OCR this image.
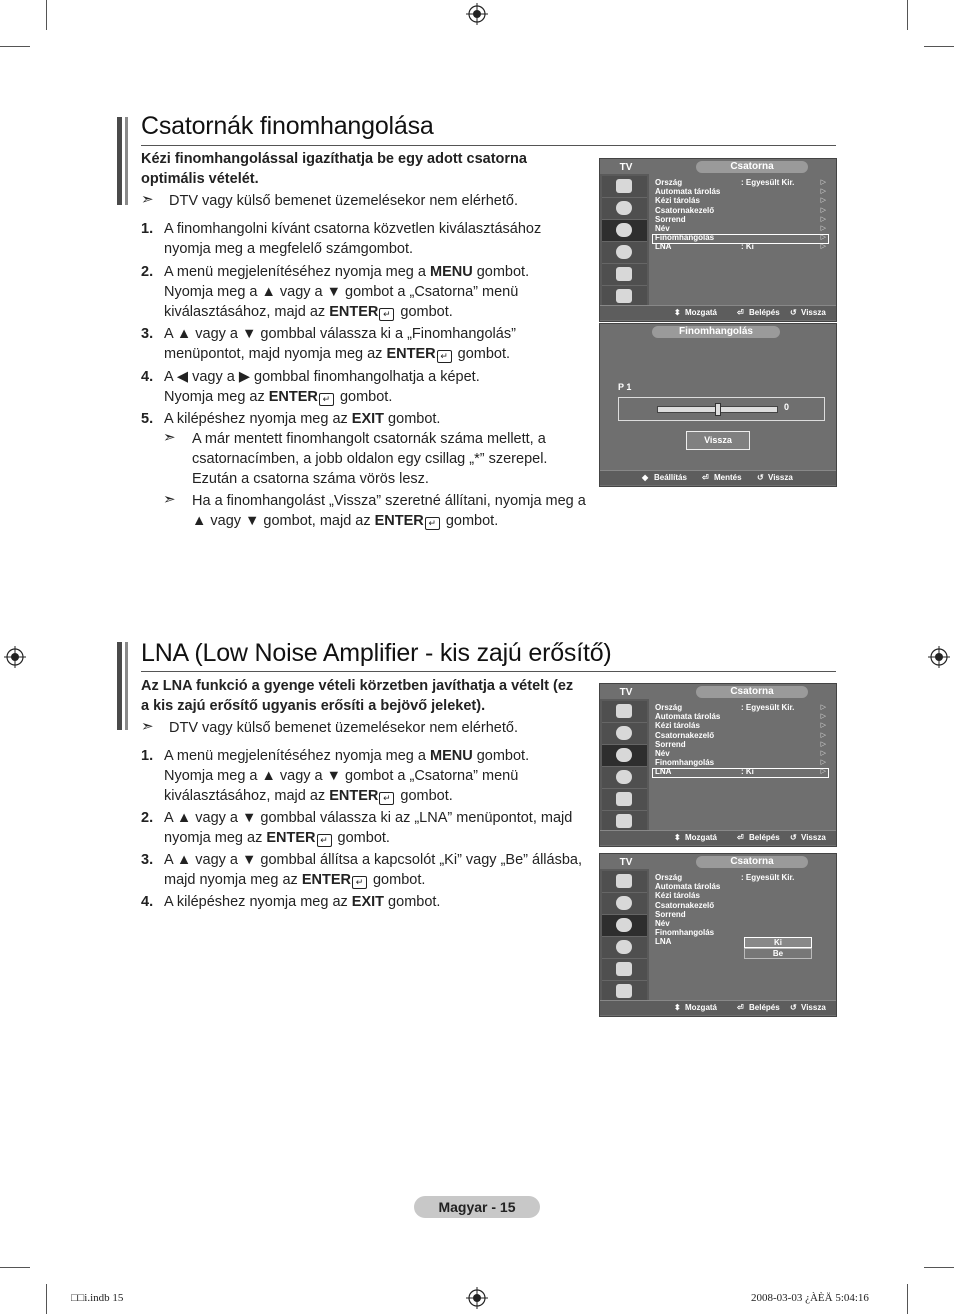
Csatornák finomhangolása
Kézi finomhangolással igazíthatja be egy adott csatorna
optimális vételét.
➣ DTV vagy külső bemenet üzemelésekor nem elérhető.
1. A finomhangolni kívánt csatorna közvetlen kiválasztásához
nyomja meg a megfelelő számgombot.
2. A menü megjelenítéséhez nyomja meg a MENU gombot.
Nyomja meg a ▲ vagy a ▼ gombot a „Csatorna” menü
kiválasztásához, majd az ENTER ↵ gombot.
3. A ▲ vagy a ▼ gombbal válassza ki a „Finomhangolás”
menüpontot, majd nyomja meg az ENTER ↵ gombot.
4. A ◀ vagy a ▶ gombbal finomhangolhatja a képet.
Nyomja meg az ENTER ↵ gombot.
5. A kilépéshez nyomja meg az EXIT gombot.
➣ A már mentett finomhangolt csatornák száma mellett, a
csatornacímben, a jobb oldalon egy csillag „*” szerepel.
Ezután a csatorna száma vörös lesz.
➣ Ha a finomhangolást „Vissza” szeretné állítani, nyomja meg a
▲ vagy ▼ gombot, majd az ENTER ↵ gombot.
TV	Csatorna
⬍ Mozgatá	⏎ Belépés ↺ Vissza
Ország	: Egyesült Kir.	▷
Automata tárolás	▷
Kézi tárolás	▷
Csatornakezelő	▷
Sorrend	▷
Név	▷
Finomhangolás	▷
LNA	: Ki	▷
Finomhangolás
P 1
0
Vissza
◆ Beállítás ⏎ Mentés ↺ Vissza
LNA (Low Noise Amplifier - kis zajú erősítő)
Az LNA funkció a gyenge vételi körzetben javíthatja a vételt (ez
a kis zajú erősítő ugyanis erősíti a bejövő jeleket).
➣ DTV vagy külső bemenet üzemelésekor nem elérhető.
1. A menü megjelenítéséhez nyomja meg a MENU gombot.
Nyomja meg a ▲ vagy a ▼ gombot a „Csatorna” menü
kiválasztásához, majd az ENTER ↵ gombot.
2. A ▲ vagy a ▼ gombbal válassza ki az „LNA” menüpontot, majd
nyomja meg az ENTER ↵ gombot.
3. A ▲ vagy a ▼ gombbal állítsa a kapcsolót „Ki” vagy „Be” állásba,
majd nyomja meg az ENTER ↵ gombot.
4. A kilépéshez nyomja meg az EXIT gombot.
TV	Csatorna
⬍ Mozgatá	⏎ Belépés ↺ Vissza
Ország	: Egyesült Kir.	▷
Automata tárolás	▷
Kézi tárolás	▷
Csatornakezelő	▷
Sorrend	▷
Név	▷
Finomhangolás	▷
LNA	: Ki	▷
TV	Csatorna
Ki
Be
⬍ Mozgatá	⏎ Belépés ↺ Vissza
Ország	: Egyesült Kir.
Automata tárolás
Kézi tárolás
Csatornakezelő
Sorrend
Név
Finomhangolás
LNA
Magyar - 15
□□i.indb 15	2008-03-03 ¿ÀÈÄ 5:04:16
